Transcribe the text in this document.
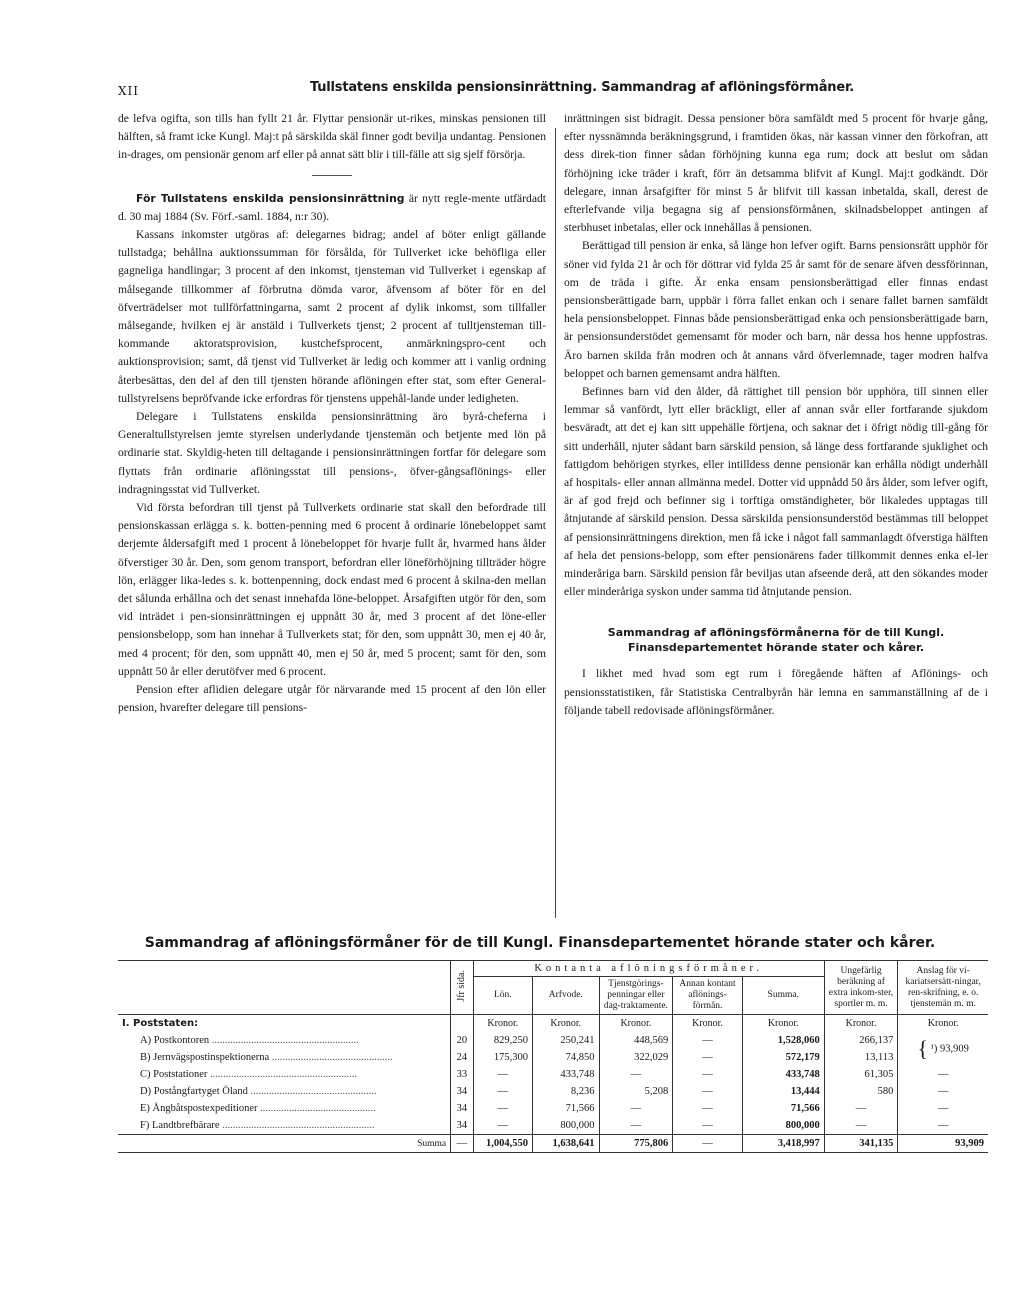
XII	Tullstatens enskilda pensionsinrättning. Sammandrag af aflöningsförmåner.

de lefva ogifta, son tills han fyllt 21 år. Flyttar pensionär ut-rikes, minskas pensionen till hälften, så framt icke Kungl. Maj:t på särskilda skäl finner godt bevilja undantag. Pensionen in-drages, om pensionär genom arf eller på annat sätt blir i till-fälle att sig sjelf försörja.

För Tullstatens enskilda pensionsinrättning är nytt regle-mente utfärdadt d. 30 maj 1884 (Sv. Förf.-saml. 1884, n:r 30).

Kassans inkomster utgöras af: delegarnes bidrag; andel af böter enligt gällande tullstadga; behållna auktionssumman för försålda, för Tullverket icke behöfliga eller gagneliga handlingar; 3 procent af den inkomst, tjensteman vid Tullverket i egenskap af målsegande tillkommer af förbrutna dömda varor, äfvensom af böter för en del öfverträdelser mot tullförfattningarna, samt 2 procent af dylik inkomst, som tillfaller målsegande, hvilken ej är anstäld i Tullverkets tjenst; 2 procent af tulltjensteman till-kommande aktoratsprovision, kustchefsprocent, anmärkningspro-cent och auktionsprovision; samt, då tjenst vid Tullverket är ledig och kommer att i vanlig ordning återbesättas, den del af den till tjensten hörande aflöningen efter stat, som efter General-tullstyrelsens bepröfvande icke erfordras för tjenstens uppehål-lande under ledigheten.

Delegare i Tullstatens enskilda pensionsinrättning äro byrå-cheferna i Generaltullstyrelsen jemte styrelsen underlydande tjenstemän och betjente med lön på ordinarie stat. Skyldig-heten till deltagande i pensionsinrättningen fortfar för delegare som flyttats från ordinarie aflöningsstat till pensions-, öfver-gångsaflönings- eller indragningsstat vid Tullverket.

Vid första befordran till tjenst på Tullverkets ordinarie stat skall den befordrade till pensionskassan erlägga s. k. botten-penning med 6 procent å ordinarie lönebeloppet samt derjemte åldersafgift med 1 procent å lönebeloppet för hvarje fullt år, hvarmed hans ålder öfverstiger 30 år. Den, som genom transport, befordran eller löneförhöjning tillträder högre lön, erlägger lika-ledes s. k. bottenpenning, dock endast med 6 procent å skilna-den mellan det sålunda erhållna och det senast innehafda löne-beloppet. Årsafgiften utgör för den, som vid inträdet i pen-sionsinrättningen ej uppnått 30 år, med 3 procent af det löne-eller pensionsbelopp, som han innehar å Tullverkets stat; för den, som uppnått 30, men ej 40 år, med 4 procent; för den, som uppnått 40, men ej 50 år, med 5 procent; samt för den, som uppnått 50 år eller derutöfver med 6 procent.

Pension efter aflidien delegare utgår för närvarande med 15 procent af den lön eller pension, hvarefter delegare till pensions-

inrättningen sist bidragit. Dessa pensioner böra samfäldt med 5 procent för hvarje gång, efter nyssnämnda beräkningsgrund, i framtiden ökas, när kassan vinner den förkofran, att dess direk-tion finner sådan förhöjning kunna ega rum; dock att beslut om sådan förhöjning icke träder i kraft, förr än detsamma blifvit af Kungl. Maj:t godkändt. Dör delegare, innan årsafgifter för minst 5 år blifvit till kassan inbetalda, skall, derest de efterlefvande vilja begagna sig af pensionsförmånen, skilnadsbeloppet antingen af sterbhuset inbetalas, eller ock innehållas å pensionen.

Berättigad till pension är enka, så länge hon lefver ogift. Barns pensionsrätt upphör för söner vid fylda 21 år och för döttrar vid fylda 25 år samt för de senare äfven dessförinnan, om de träda i gifte. Är enka ensam pensionsberättigad eller finnas endast pensionsberättigade barn, uppbär i förra fallet enkan och i senare fallet barnen samfäldt hela pensionsbeloppet. Finnas både pensionsberättigad enka och pensionsberättigade barn, är pensionsunderstödet gemensamt för moder och barn, när dessa hos henne uppfostras. Äro barnen skilda från modren och åt annans vård öfverlemnade, tager modren halfva beloppet och barnen gemensamt andra hälften.

Befinnes barn vid den ålder, då rättighet till pension bör upphöra, till sinnen eller lemmar så vanfördt, lytt eller bräckligt, eller af annan svår eller fortfarande sjukdom besväradt, att det ej kan sitt uppehälle förtjena, och saknar det i öfrigt nödig till-gång för sitt underhåll, njuter sådant barn särskild pension, så länge dess fortfarande sjuklighet och fattigdom behörigen styrkes, eller intilldess denne pensionär kan erhålla nödigt underhåll af hospitals- eller annan allmänna medel. Dotter vid uppnådd 50 års ålder, som lefver ogift, är af god frejd och befinner sig i torftiga omständigheter, bör likaledes upptagas till åtnjutande af särskild pension. Dessa särskilda pensionsunderstöd bestämmas till beloppet af pensionsinrättningens direktion, men få icke i något fall sammanlagdt öfverstiga hälften af hela det pensions-belopp, som efter pensionärens fader tillkommit dennes enka el-ler minderåriga barn. Särskild pension får beviljas utan afseende derå, att den sökandes moder eller minderåriga syskon under samma tid åtnjutande pension.

Sammandrag af aflöningsförmånerna för de till Kungl. Finansdepartementet hörande stater och kårer.

I likhet med hvad som egt rum i föregående häften af Aflönings- och pensionsstatistiken, får Statistiska Centralbyrån här lemna en sammanställning af de i följande tabell redovisade aflöningsförmåner.

Sammandrag af aflöningsförmåner för de till Kungl. Finansdepartementet hörande stater och kårer.
	Jfr sida.	Kontanta aflöningsförmåner.					Ungefärlig beräkning af extra inkom-ster, sportler m. m.	Anslag för vi-kariatsersätt-ningar, ren-skrifning, e. o. tjenstemän m. m.
		Lön.	Arfvode.	Tjenstgörings-penningar eller dag-traktamente.	Annan kontant aflönings-förmån.	Summa.		
I. Poststaten:		Kronor.	Kronor.	Kronor.	Kronor.	Kronor.	Kronor.	Kronor.
A) Postkontoren ........................................................	20	829,250	250,241	448,569	—	1,528,060	266,137	{ ¹) 93,909
B) Jernvägspostinspektionerna ..............................................	24	175,300	74,850	322,029	—	572,179	13,113	
C) Poststationer ........................................................	33	—	433,748	—	—	433,748	61,305	—
D) Postångfartyget Öland ................................................	34	—	8,236	5,208	—	13,444	580	—
E) Ångbåtspostexpeditioner ............................................	34	—	71,566	—	—	71,566	—	—
F) Landtbrefbärare ..........................................................	34	—	800,000	—	—	800,000	—	—
Summa	—	1,004,550	1,638,641	775,806	—	3,418,997	341,135	93,909
